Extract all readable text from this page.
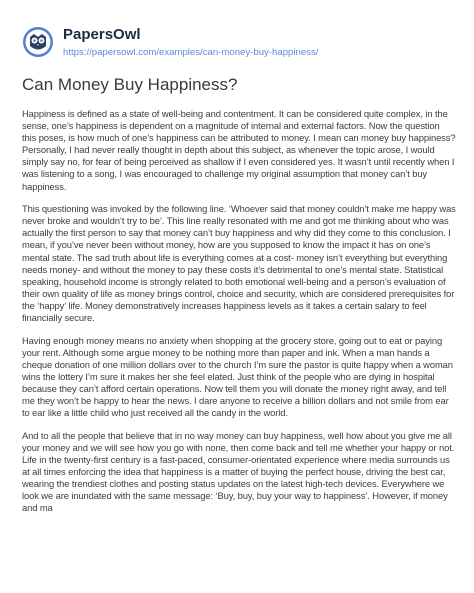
PapersOwl
https://papersowl.com/examples/can-money-buy-happiness/
Can Money Buy Happiness?

Happiness is defined as a state of well-being and contentment. It can be considered quite complex, in the sense, one’s happiness is dependent on a magnitude of internal and external factors. Now the question this poses, is how much of one’s happiness can be attributed to money. I mean can money buy happiness? Personally, I had never really thought in depth about this subject, as whenever the topic arose, I would simply say no, for fear of being perceived as shallow if I even considered yes. It wasn’t until recently when I was listening to a song, I was encouraged to challenge my original assumption that money can’t buy happiness.

This questioning was invoked by the following line. ‘Whoever said that money couldn’t make me happy was never broke and wouldn’t try to be’. This line really resonated with me and got me thinking about who was actually the first person to say that money can’t buy happiness and why did they come to this conclusion. I mean, if you’ve never been without money, how are you supposed to know the impact it has on one’s mental state. The sad truth about life is everything comes at a cost- money isn’t everything but everything needs money- and without the money to pay these costs it’s detrimental to one’s mental state. Statistical speaking, household income is strongly related to both emotional well-being and a person’s evaluation of their own quality of life as money brings control, choice and security, which are considered prerequisites for the ‘happy’ life. Money demonstratively increases happiness levels as it takes a certain salary to feel financially secure.

Having enough money means no anxiety when shopping at the grocery store, going out to eat or paying your rent. Although some argue money to be nothing more than paper and ink. When a man hands a cheque donation of one million dollars over to the church I’m sure the pastor is quite happy when a woman wins the lottery I’m sure it makes her she feel elated. Just think of the people who are dying in hospital because they can’t afford certain operations. Now tell them you will donate the money right away, and tell me they won’t be happy to hear the news. I dare anyone to receive a billion dollars and not smile from ear to ear like a little child who just received all the candy in the world.

And to all the people that believe that in no way money can buy happiness, well how about you give me all your money and we will see how you go with none, then come back and tell me whether your happy or not. Life in the twenty-first century is a fast-paced, consumer-orientated experience where media surrounds us at all times enforcing the idea that happiness is a matter of buying the perfect house, driving the best car, wearing the trendiest clothes and posting status updates on the latest high-tech devices. Everywhere we look we are inundated with the same message: ‘Buy, buy, buy your way to happiness’. However, if money and ma
